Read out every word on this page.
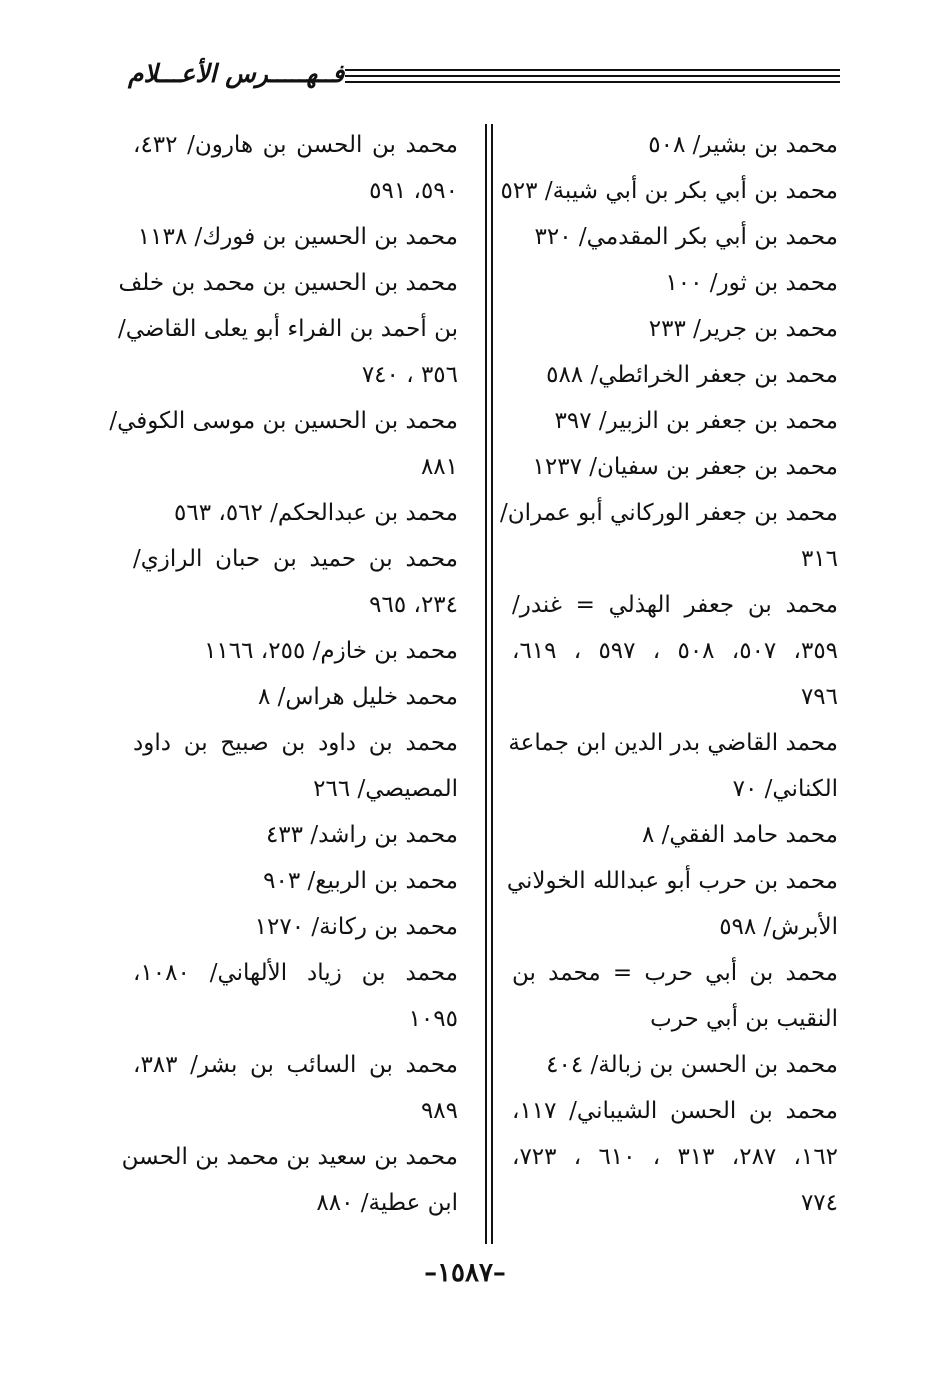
فــهـــــرس الأعـــلام
محمد بن بشير/ ٥٠٨
محمد بن أبي بكر بن أبي شيبة/ ٥٢٣
محمد بن أبي بكر المقدمي/ ٣٢٠
محمد بن ثور/ ١٠٠
محمد بن جرير/ ٢٣٣
محمد بن جعفر الخرائطي/ ٥٨٨
محمد بن جعفر بن الزبير/ ٣٩٧
محمد بن جعفر بن سفيان/ ١٢٣٧
محمد بن جعفر الوركاني أبو عمران/
٣١٦
محمد بن جعفر الهذلي = غندر/
٣٥٩، ٥٠٧، ٥٠٨ ، ٥٩٧ ، ٦١٩،
٧٩٦
محمد القاضي بدر الدين ابن جماعة
الكناني/ ٧٠
محمد حامد الفقي/ ٨
محمد بن حرب أبو عبدالله الخولاني
الأبرش/ ٥٩٨
محمد بن أبي حرب = محمد بن
النقيب بن أبي حرب
محمد بن الحسن بن زبالة/ ٤٠٤
محمد بن الحسن الشيباني/ ١١٧،
١٦٢، ٢٨٧، ٣١٣ ، ٦١٠ ، ٧٢٣،
٧٧٤
محمد بن الحسن بن هارون/ ٤٣٢،
٥٩٠، ٥٩١
محمد بن الحسين بن فورك/ ١١٣٨
محمد بن الحسين بن محمد بن خلف
بن أحمد بن الفراء أبو يعلى القاضي/
٣٥٦ ، ٧٤٠
محمد بن الحسين بن موسى الكوفي/
٨٨١
محمد بن عبدالحكم/ ٥٦٢، ٥٦٣
محمد بن حميد بن حبان الرازي/
٢٣٤، ٩٦٥
محمد بن خازم/ ٢٥٥، ١١٦٦
محمد خليل هراس/ ٨
محمد بن داود بن صبيح بن داود
المصيصي/ ٢٦٦
محمد بن راشد/ ٤٣٣
محمد بن الربيع/ ٩٠٣
محمد بن ركانة/ ١٢٧٠
محمد بن زياد الألهاني/ ١٠٨٠،
١٠٩٥
محمد بن السائب بن بشر/ ٣٨٣،
٩٨٩
محمد بن سعيد بن محمد بن الحسن
ابن عطية/ ٨٨٠
–١٥٨٧–
